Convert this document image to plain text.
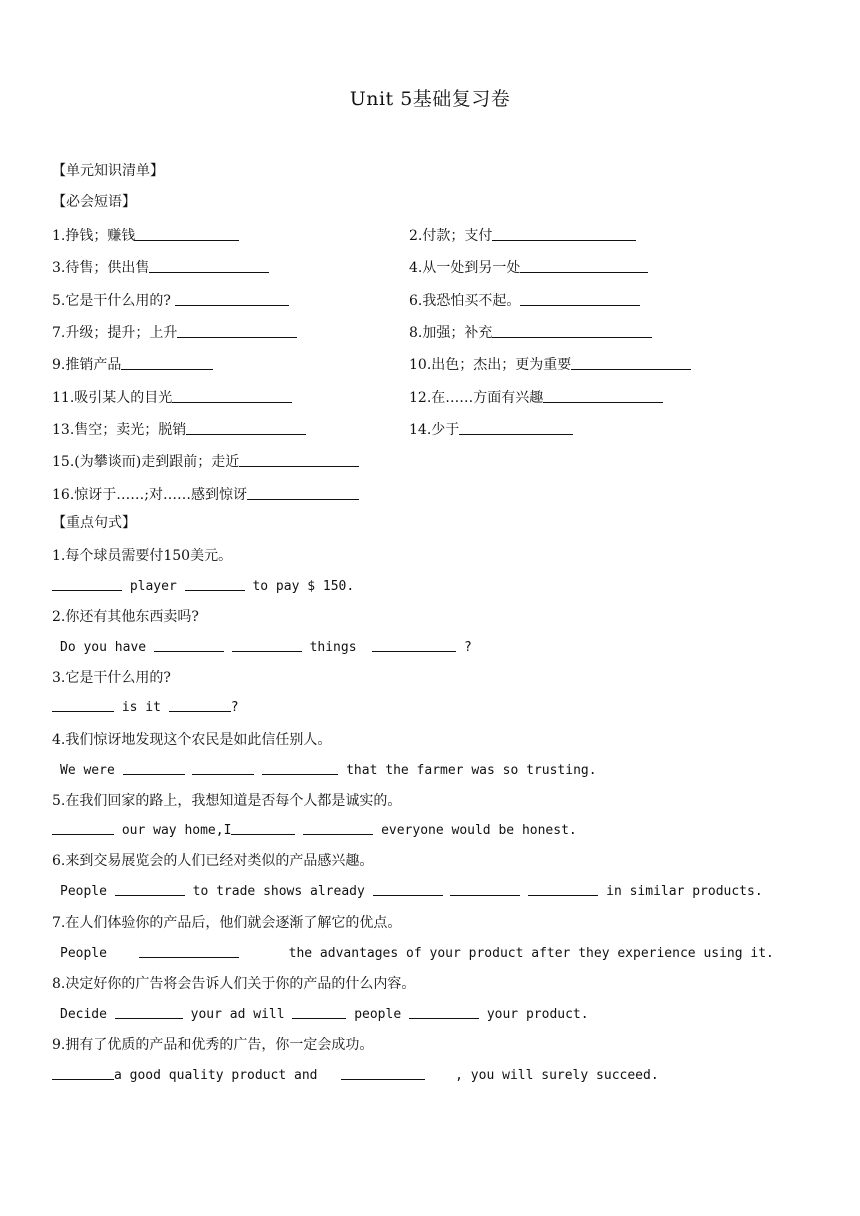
Unit 5基础复习卷
【单元知识清单】
【必会短语】
1.挣钱；赚钱	2.付款；支付
3.待售；供出售	4.从一处到另一处
5.它是干什么用的?	6.我恐怕买不起。
7.升级；提升；上升	8.加强；补充
9.推销产品	10.出色；杰出；更为重要
11.吸引某人的目光	12.在……方面有兴趣
13.售空；卖光；脱销	14.少于
15.(为攀谈而)走到跟前；走近
16.惊讶于……;对……感到惊讶
【重点句式】
1.每个球员需要付150美元。
player	to pay $ 150.
2.你还有其他东西卖吗?
Do you have	things	?
3.它是干什么用的?
is it	?
4.我们惊讶地发现这个农民是如此信任别人。
We were	that the farmer was so trusting.
5.在我们回家的路上，我想知道是否每个人都是诚实的。
our way home,I	everyone would be honest.
6.来到交易展览会的人们已经对类似的产品感兴趣。
People	to trade shows already	in similar products.
7.在人们体验你的产品后，他们就会逐渐了解它的优点。
People	the advantages of your product after they experience using it.
8.决定好你的广告将会告诉人们关于你的产品的什么内容。
Decide	your ad will	people	your product.
9.拥有了优质的产品和优秀的广告，你一定会成功。
a good quality product and	, you will surely succeed.
